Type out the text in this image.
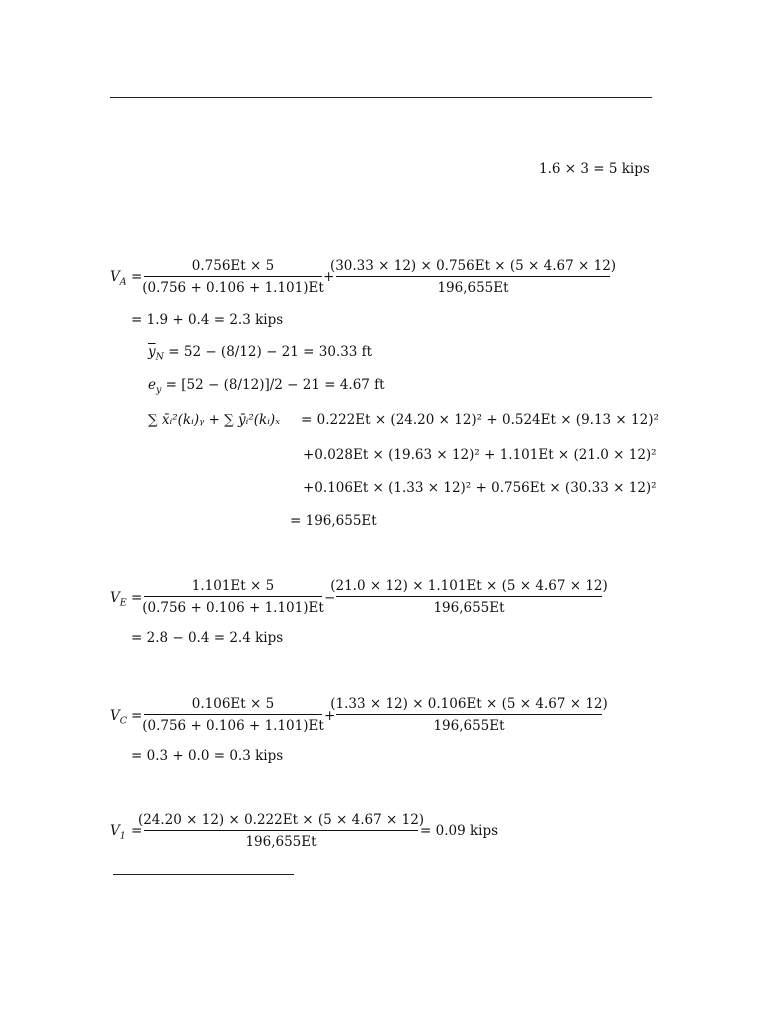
1.6 × 3 = 5 kips
$V_A$ =
0.756Et × 5
(0.756 + 0.106 + 1.101)Et
+
(30.33 × 12) × 0.756Et × (5 × 4.67 × 12)
196,655Et
= 1.9 + 0.4 = 2.3 kips
$\overline{y}_N = 52 - (8/12) - 21 = 30.33$ ft
$e_y = [52 - (8/12)]/2 - 21 = 4.67$ ft
∑ x̄ᵢ²(kᵢ)ᵧ + ∑ ȳᵢ²(kᵢ)ₓ = 0.222Et × (24.20 × 12)² + 0.524Et × (9.13 × 12)²
+0.028Et × (19.63 × 12)² + 1.101Et × (21.0 × 12)²
+0.106Et × (1.33 × 12)² + 0.756Et × (30.33 × 12)²
= 196,655Et
$V_E$ =
1.101Et × 5
(0.756 + 0.106 + 1.101)Et
−
(21.0 × 12) × 1.101Et × (5 × 4.67 × 12)
196,655Et
= 2.8 − 0.4 = 2.4 kips
$V_C$ =
0.106Et × 5
(0.756 + 0.106 + 1.101)Et
+
(1.33 × 12) × 0.106Et × (5 × 4.67 × 12)
196,655Et
= 0.3 + 0.0 = 0.3 kips
$V_1$ =
(24.20 × 12) × 0.222Et × (5 × 4.67 × 12)
196,655Et
= 0.09 kips
